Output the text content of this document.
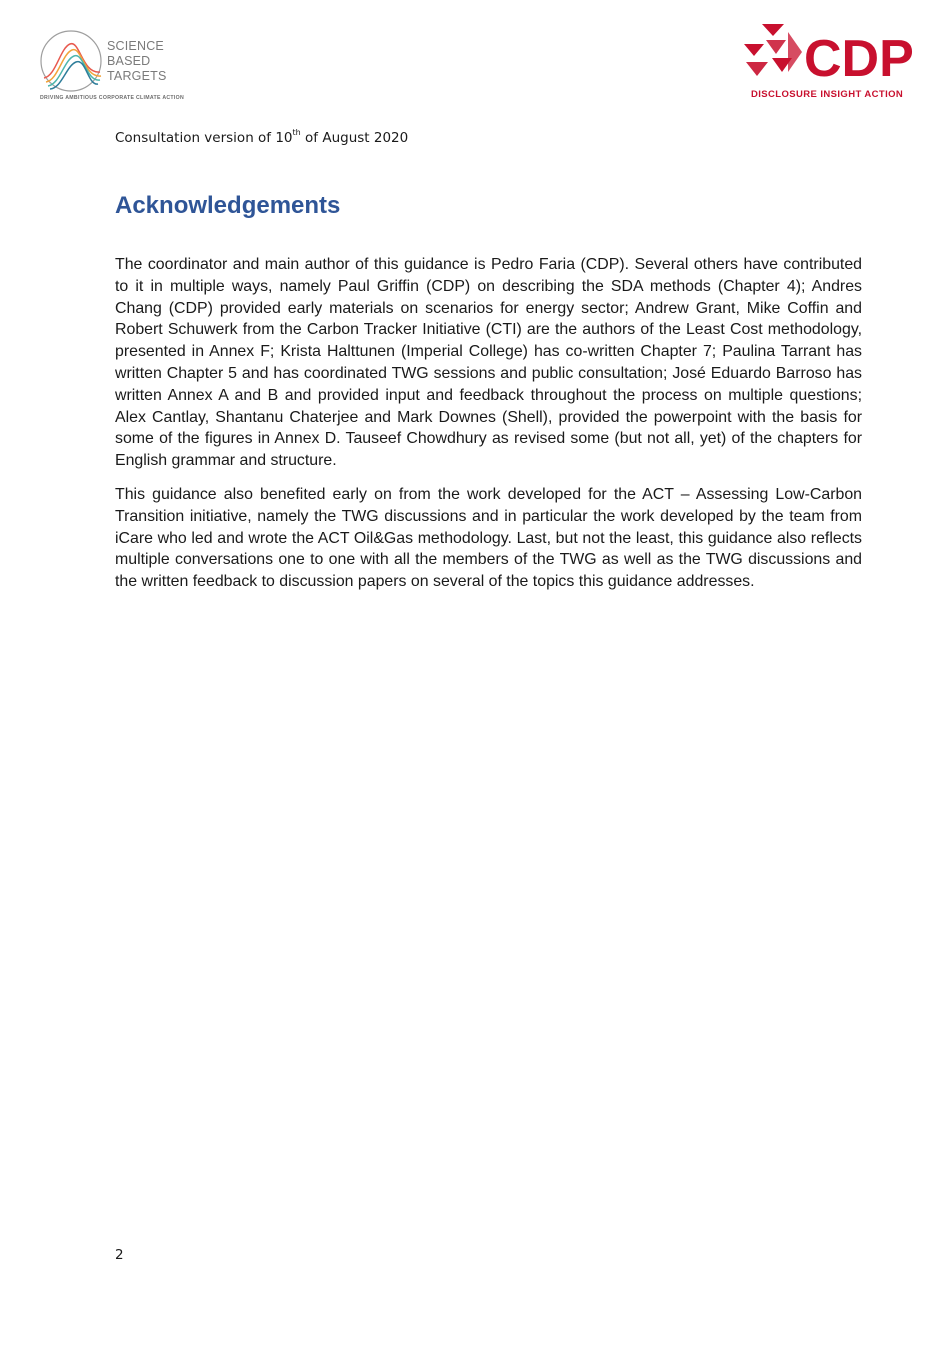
SCIENCE
BASED
TARGETS
DRIVING AMBITIOUS CORPORATE CLIMATE ACTION
CDP
DISCLOSURE INSIGHT ACTION
Consultation version of 10th of August 2020
Acknowledgements

The coordinator and main author of this guidance is Pedro Faria (CDP). Several others have contributed to it in multiple ways, namely Paul Griffin (CDP) on describing the SDA methods (Chapter 4); Andres Chang (CDP) provided early materials on scenarios for energy sector; Andrew Grant, Mike Coffin and Robert Schuwerk from the Carbon Tracker Initiative (CTI) are the authors of the Least Cost methodology, presented in Annex F; Krista Halttunen (Imperial College) has co-written Chapter 7; Paulina Tarrant has written Chapter 5 and has coordinated TWG sessions and public consultation; José Eduardo Barroso has written Annex A and B and provided input and feedback throughout the process on multiple questions; Alex Cantlay, Shantanu Chaterjee and Mark Downes (Shell), provided the powerpoint with the basis for some of the figures in Annex D. Tauseef Chowdhury as revised some (but not all, yet) of the chapters for English grammar and structure.

This guidance also benefited early on from the work developed for the ACT – Assessing Low-Carbon Transition initiative, namely the TWG discussions and in particular the work developed by the team from iCare who led and wrote the ACT Oil&Gas methodology. Last, but not the least, this guidance also reflects multiple conversations one to one with all the members of the TWG as well as the TWG discussions and the written feedback to discussion papers on several of the topics this guidance addresses.

2
